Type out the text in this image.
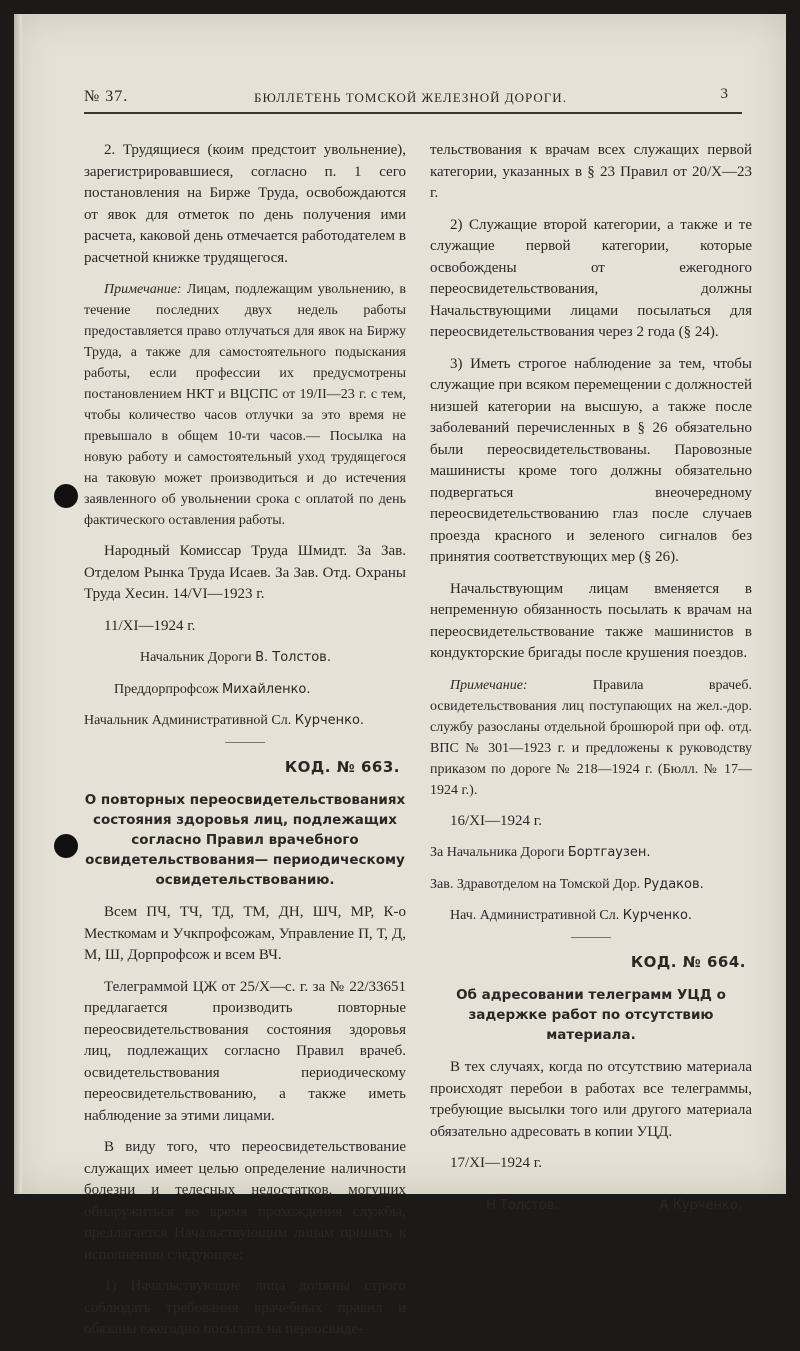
№ 37.	БЮЛЛЕТЕНЬ ТОМСКОЙ ЖЕЛЕЗНОЙ ДОРОГИ.	3

2. Трудящиеся (коим предстоит увольнение), зарегистрировавшиеся, согласно п. 1 сего постановления на Бирже Труда, освобождаются от явок для отметок по день получения ими расчета, каковой день отмечается работодателем в расчетной книжке трудящегося.

Примечание: Лицам, подлежащим увольнению, в течение последних двух недель работы предоставляется право отлучаться для явок на Биржу Труда, а также для самостоятельного подыскания работы, если профессии их предусмотрены постановлением НКТ и ВЦСПС от 19/II—23 г. с тем, чтобы количество часов отлучки за это время не превышало в общем 10-ти часов.— Посылка на новую работу и самостоятельный уход трудящегося на таковую может производиться и до истечения заявленного об увольнении срока с оплатой по день фактического оставления работы.

Народный Комиссар Труда Шмидт. За Зав. Отделом Рынка Труда Исаев. За Зав. Отд. Охраны Труда Хесин. 14/VI—1923 г.

11/XI—1924 г.

Начальник Дороги В. Толстов.
Преддорпрофсож Михайленко.
Начальник Административной Сл. Курченко.
КОД. № 663.
О повторных переосвидетельствованиях состояния здоровья лиц, подлежащих согласно Правил врачебного освидетельствования— периодическому освидетельствованию.

Всем ПЧ, ТЧ, ТД, ТМ, ДН, ШЧ, МР, К-о Месткомам и Учкпрофсожам, Управление П, Т, Д, М, Ш, Дорпрофсож и всем ВЧ.

Телеграммой ЦЖ от 25/X—с. г. за № 22/33651 предлагается производить повторные переосвидетельствования состояния здоровья лиц, подлежащих согласно Правил врачеб. освидетельствования периодическому переосвидетельствованию, а также иметь наблюдение за этими лицами.

В виду того, что переосвидетельствование служащих имеет целью определение наличности болезни и телесных недостатков, могущих обнаружиться во время прохождения службы, предлагается Начальствующим лицам принять к исполнению следующее:

1) Начальствующие лица должны строго соблюдать требования врачебных правил и обязаны ежегодно посылать на переосвиде-

тельствования к врачам всех служащих первой категории, указанных в § 23 Правил от 20/X—23 г.

2) Служащие второй категории, а также и те служащие первой категории, которые освобождены от ежегодного переосвидетельствования, должны Начальствующими лицами посылаться для переосвидетельствования через 2 года (§ 24).

3) Иметь строгое наблюдение за тем, чтобы служащие при всяком перемещении с должностей низшей категории на высшую, а также после заболеваний перечисленных в § 26 обязательно были переосвидетельствованы. Паровозные машинисты кроме того должны обязательно подвергаться внеочередному переосвидетельствованию глаз после случаев проезда красного и зеленого сигналов без принятия соответствующих мер (§ 26).

Начальствующим лицам вменяется в непременную обязанность посылать к врачам на переосвидетельствование также машинистов в кондукторские бригады после крушения поездов.

Примечание: Правила врачеб. освидетельствования лиц поступающих на жел.-дор. службу разосланы отдельной брошюрой при оф. отд. ВПС № 301—1923 г. и предложены к руководству приказом по дороге № 218—1924 г. (Бюлл. № 17—1924 г.).

16/XI—1924 г.

За Начальника Дороги Бортгаузен.
Зав. Здравотделом на Томской Дор. Рудаков.
Нач. Административной Сл. Курченко.
КОД. № 664.
Об адресовании телеграмм УЦД о задержке работ по отсутствию материала.

В тех случаях, когда по отсутствию материала происходят перебои в работах все телеграммы, требующие высылки того или другого материала обязательно адресовать в копии УЦД.

17/XI—1924 г.

Н Толстов.	А Курченко.
